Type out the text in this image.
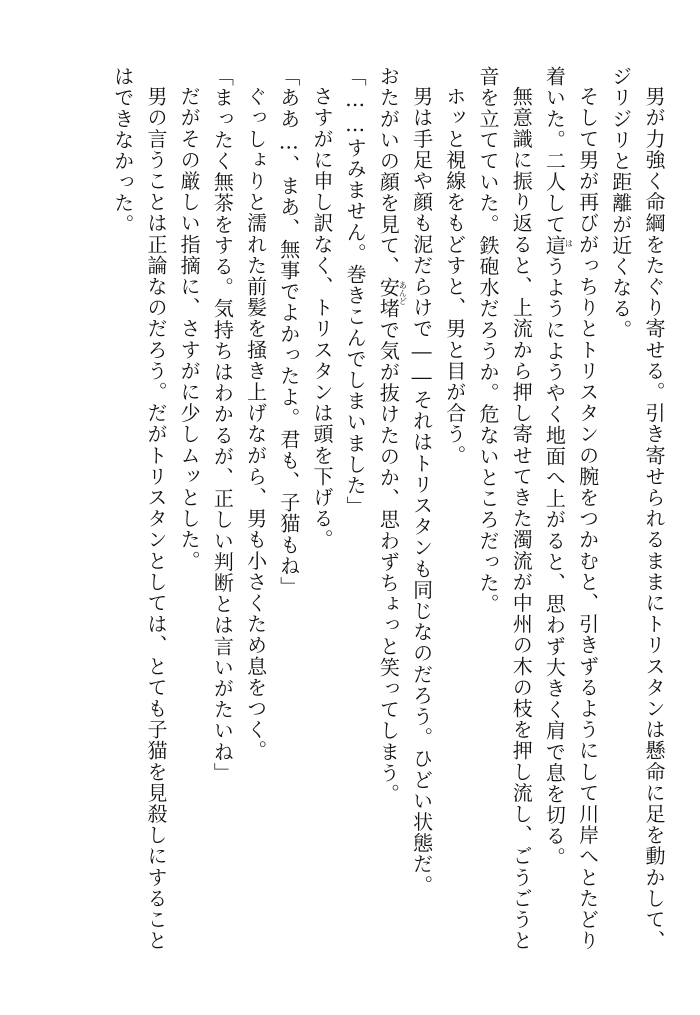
男が力強く命綱をたぐり寄せる。引き寄せられるままにトリスタンは懸命に足を動かして、
ジリジリと距離が近くなる。
そして男が再びがっちりとトリスタンの腕をつかむと、引きずるようにして川岸へとたどり
着いた。二人して這
は
うようにようやく地面へ上がると、思わず大きく肩で息を切る。
無意識に振り返ると、上流から押し寄せてきた濁流が中州の木の枝を押し流し、ごうごうと
音を立てていた。鉄砲水だろうか。危ないところだった。
ホッと視線をもどすと、男と目が合う。
男は手足や顔も泥だらけで――それはトリスタンも同じなのだろう。ひどい状態だ。
おたがいの顔を見て、安堵
あんど
で気が抜けたのか、思わずちょっと笑ってしまう。
「……すみません。巻きこんでしまいました」
さすがに申し訳なく、トリスタンは頭を下げる。
「ああ…、まあ、無事でよかったよ。君も、子猫もね」
ぐっしょりと濡れた前髪を掻き上げながら、男も小さくため息をつく。
「まったく無茶をする。気持ちはわかるが、正しい判断とは言いがたいね」
だがその厳しい指摘に、さすがに少しムッとした。
男の言うことは正論なのだろう。だがトリスタンとしては、とても子猫を見殺しにすること
はできなかった。
